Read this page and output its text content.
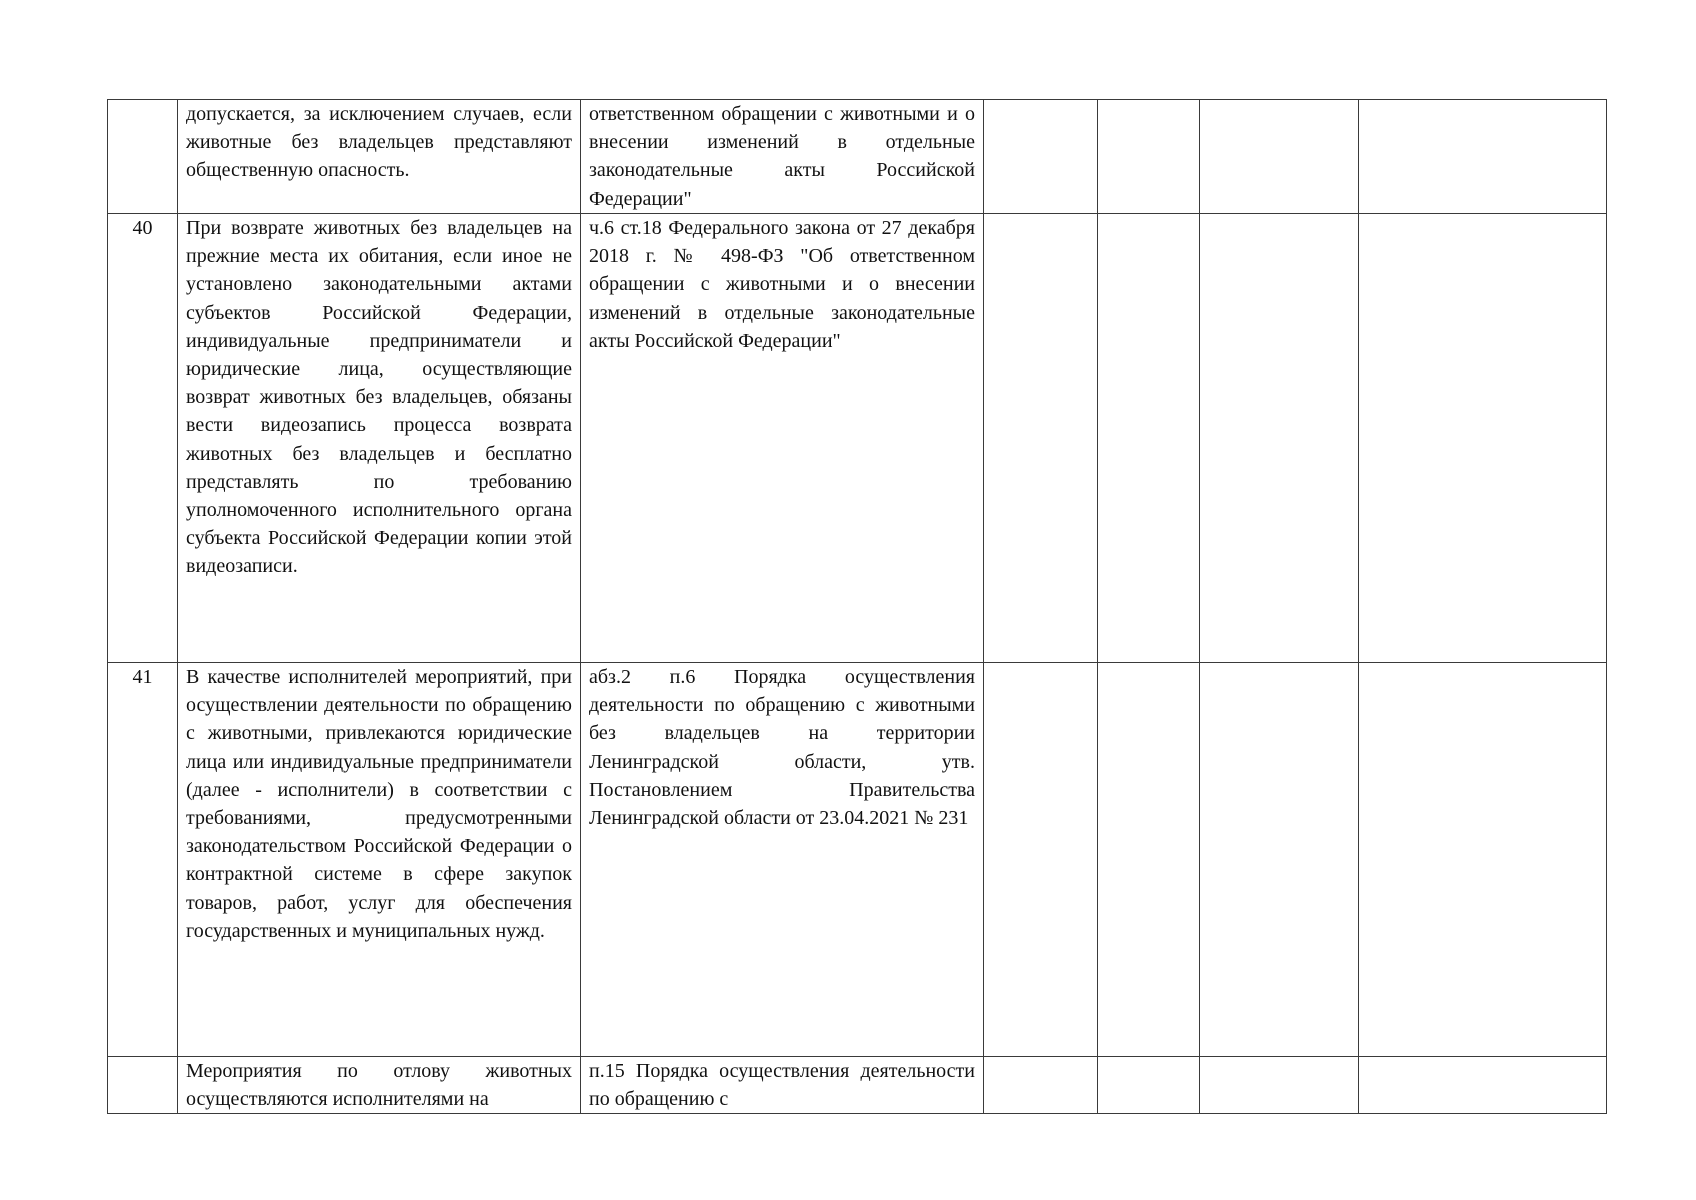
	допускается, за исключением случаев, если животные без владельцев представляют общественную опасность.	ответственном обращении с животными и о внесении изменений в отдельные законодательные акты Российской Федерации"				
40	При возврате животных без владельцев на прежние места их обитания, если иное не установлено законодательными актами субъектов Российской Федерации, индивидуальные предприниматели и юридические лица, осуществляющие возврат животных без владельцев, обязаны вести видеозапись процесса возврата животных без владельцев и бесплатно представлять по требованию уполномоченного исполнительного органа субъекта Российской Федерации копии этой видеозаписи.	ч.6 ст.18 Федерального закона от 27 декабря 2018 г. № 498-ФЗ "Об ответственном обращении с животными и о внесении изменений в отдельные законодательные акты Российской Федерации"				
41	В качестве исполнителей мероприятий, при осуществлении деятельности по обращению с животными, привлекаются юридические лица или индивидуальные предприниматели (далее - исполнители) в соответствии с требованиями, предусмотренными законодательством Российской Федерации о контрактной системе в сфере закупок товаров, работ, услуг для обеспечения государственных и муниципальных нужд.	абз.2 п.6 Порядка осуществления деятельности по обращению с животными без владельцев на территории Ленинградской области, утв. Постановлением Правительства Ленинградской области от 23.04.2021 № 231				
	Мероприятия по отлову животных осуществляются исполнителями на	п.15 Порядка осуществления деятельности по обращению с				
